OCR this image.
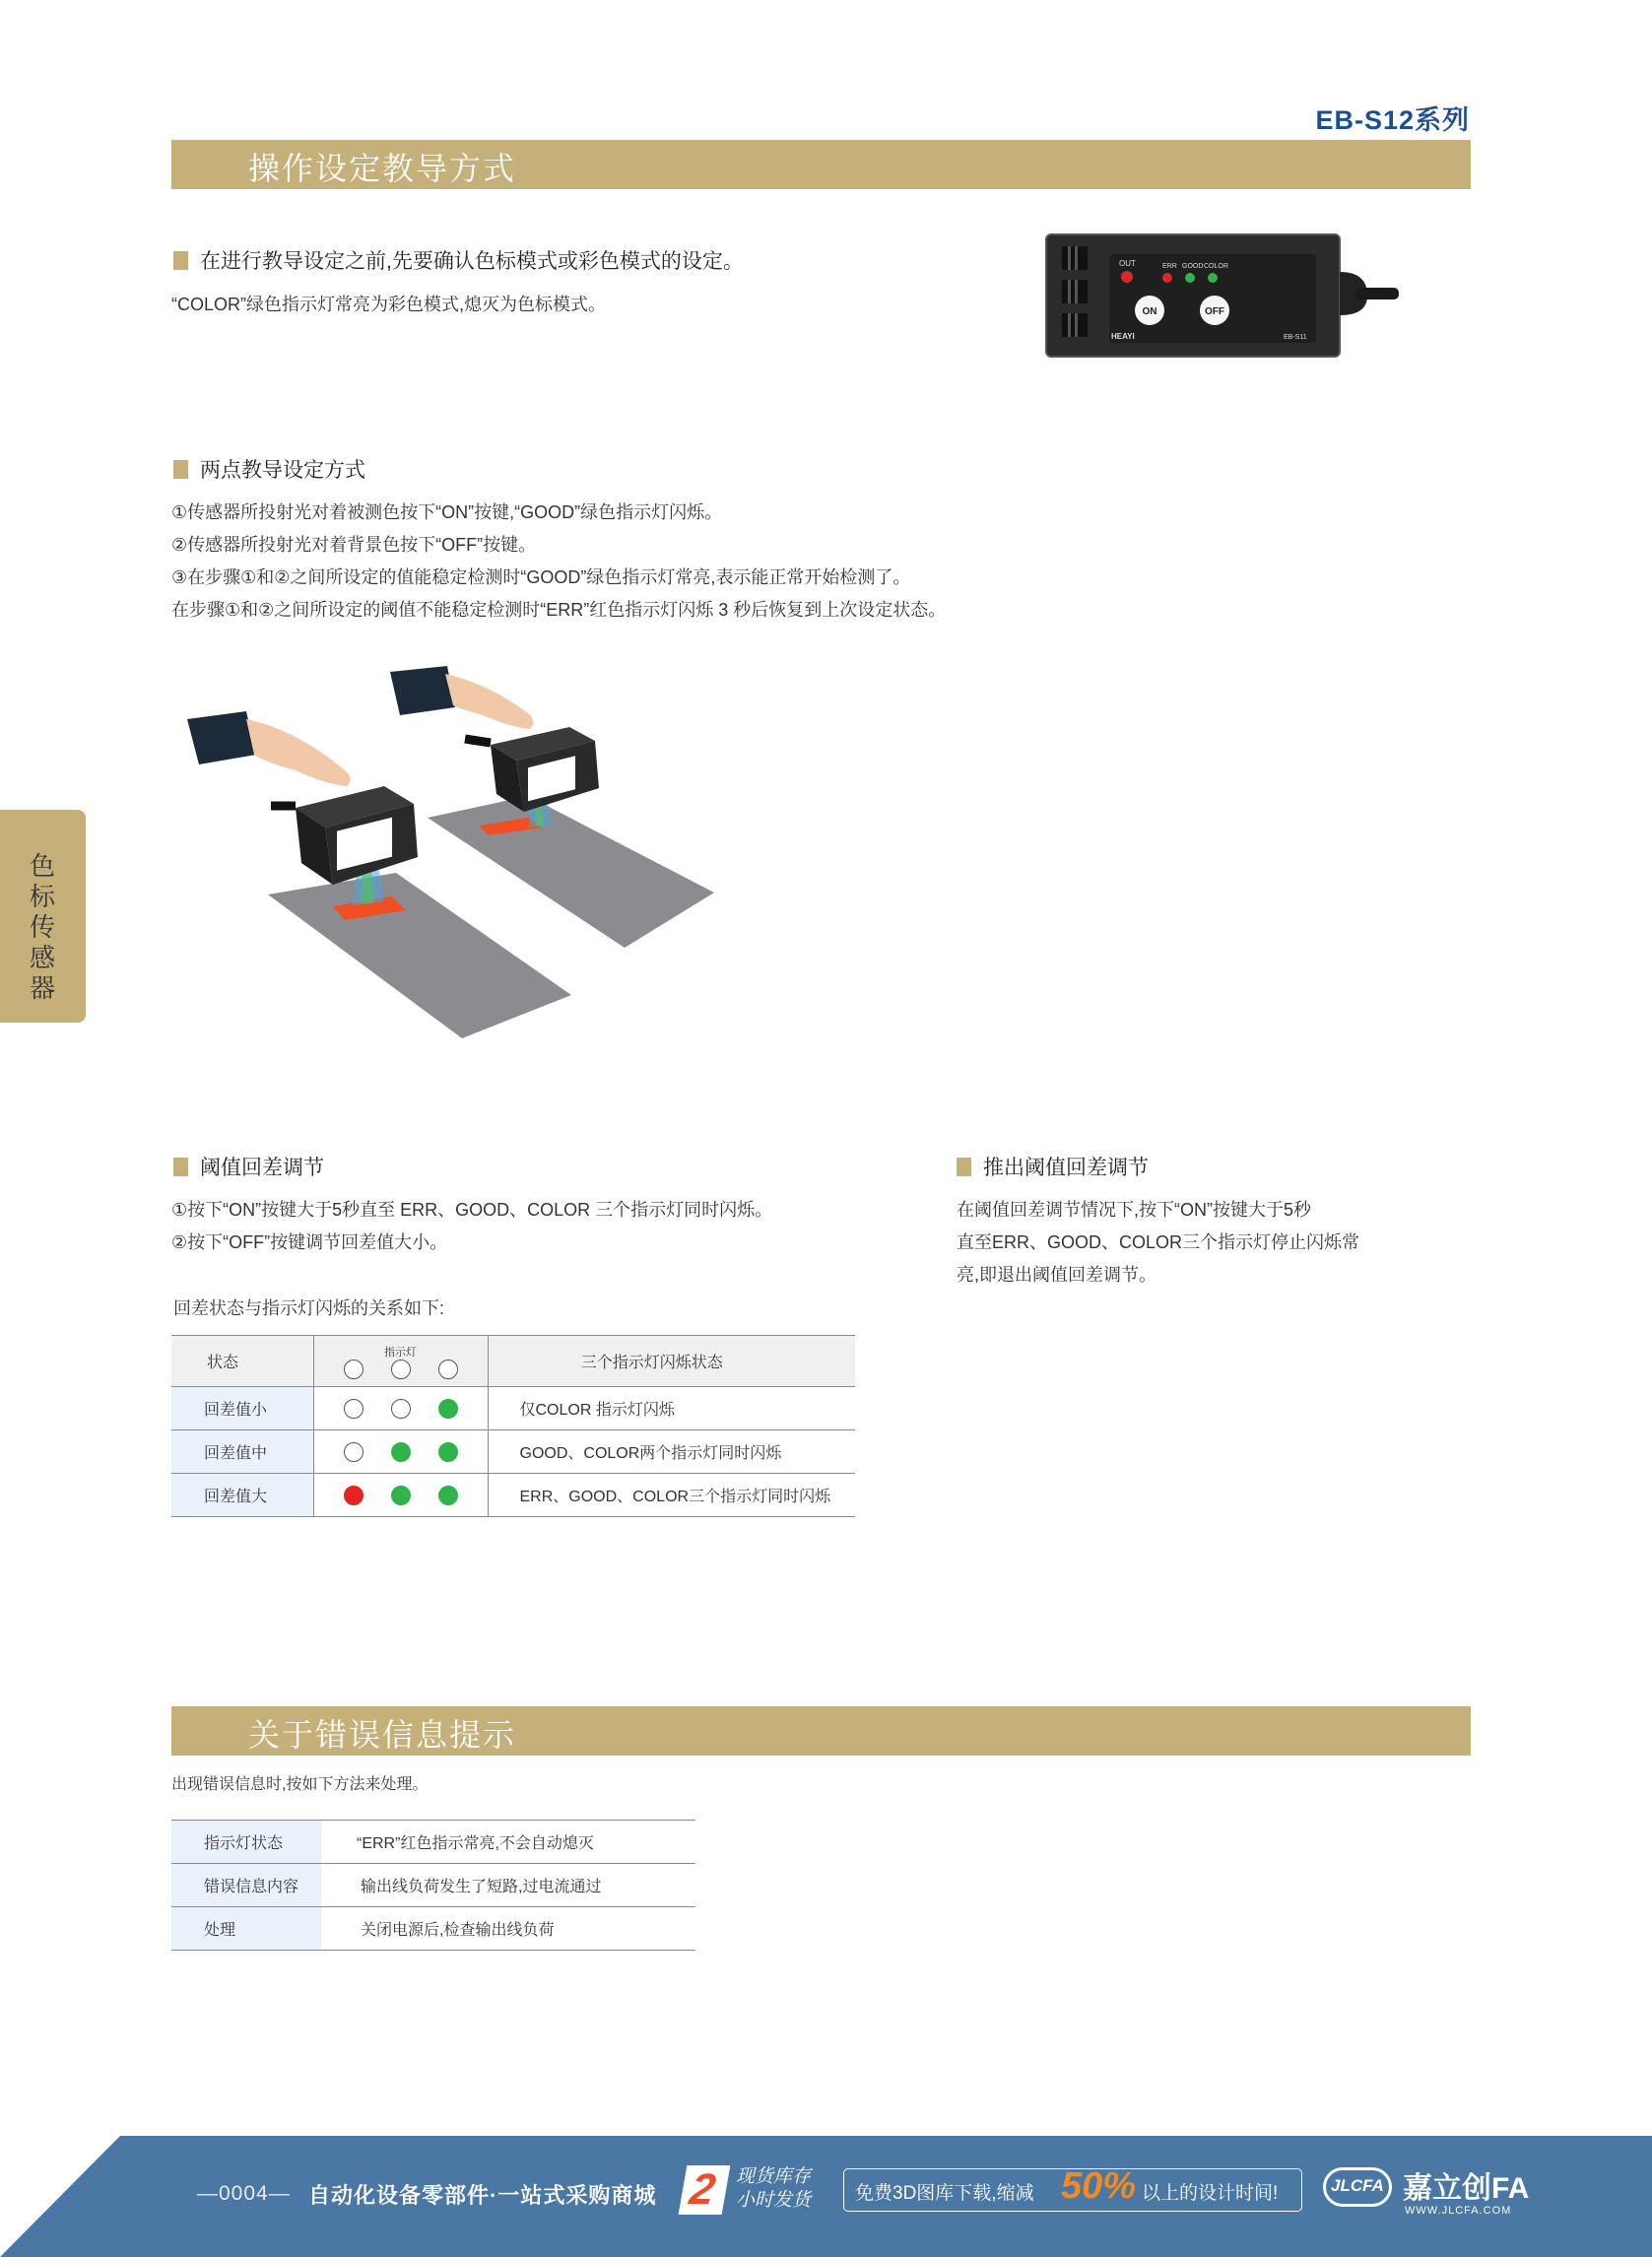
EB-S12系列
操作设定教导方式
在进行教导设定之前,先要确认色标模式或彩色模式的设定。
“COLOR”绿色指示灯常亮为彩色模式,熄灭为色标模式。
OUT	ERR GOOD COLOR
ON	OFF
HEAYI	EB-S11
两点教导设定方式
①传感器所投射光对着被测色按下“ON”按键,“GOOD”绿色指示灯闪烁。
②传感器所投射光对着背景色按下“OFF”按键。
③在步骤①和②之间所设定的值能稳定检测时“GOOD”绿色指示灯常亮,表示能正常开始检测了。
在步骤①和②之间所设定的阈值不能稳定检测时“ERR”红色指示灯闪烁 3 秒后恢复到上次设定状态。
色标传感器
阈值回差调节
①按下“ON”按键大于5秒直至 ERR、GOOD、COLOR 三个指示灯同时闪烁。
②按下“OFF”按键调节回差值大小。
回差状态与指示灯闪烁的关系如下:
状态	指示灯	三个指示灯闪烁状态
回差值小		仅COLOR 指示灯闪烁
回差值中		GOOD、COLOR两个指示灯同时闪烁
回差值大		ERR、GOOD、COLOR三个指示灯同时闪烁
推出阈值回差调节
在阈值回差调节情况下,按下“ON”按键大于5秒
直至ERR、GOOD、COLOR三个指示灯停止闪烁常
亮,即退出阈值回差调节。
关于错误信息提示
出现错误信息时,按如下方法来处理。
指示灯状态	“ERR”红色指示常亮,不会自动熄灭
错误信息内容	输出线负荷发生了短路,过电流通过
处理	关闭电源后,检查输出线负荷
—0004— 自动化设备零部件·一站式采购商城 2 现货库存
小时发货 免费3D图库下载,缩减 50% 以上的设计时间!	JLCFA 嘉立创FA
WWW.JLCFA.COM
